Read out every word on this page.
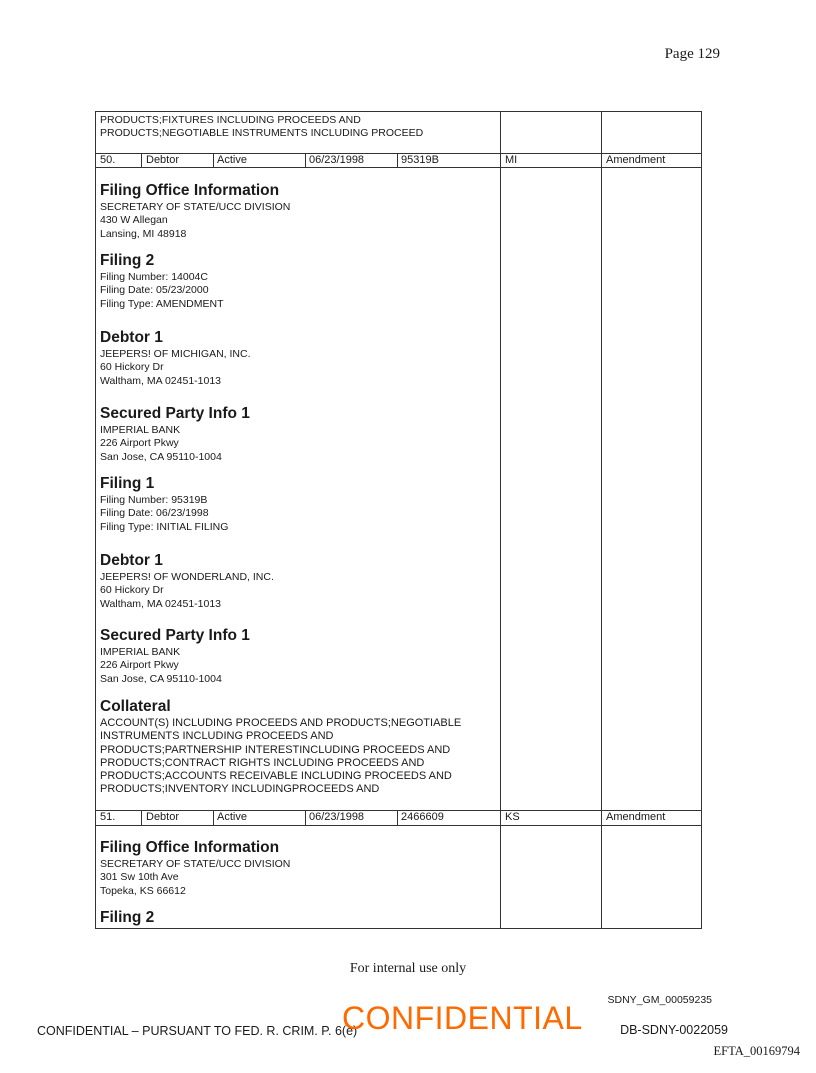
Page 129
PRODUCTS;FIXTURES INCLUDING PROCEEDS AND
PRODUCTS;NEGOTIABLE INSTRUMENTS INCLUDING PROCEED
50.	Debtor	Active	06/23/1998	95319B	MI	Amendment
Filing Office Information
SECRETARY OF STATE/UCC DIVISION
430 W Allegan
Lansing, MI 48918
Filing 2
Filing Number: 14004C
Filing Date: 05/23/2000
Filing Type: AMENDMENT
Debtor 1
JEEPERS! OF MICHIGAN, INC.
60 Hickory Dr
Waltham, MA 02451-1013
Secured Party Info 1
IMPERIAL BANK
226 Airport Pkwy
San Jose, CA 95110-1004
Filing 1
Filing Number: 95319B
Filing Date: 06/23/1998
Filing Type: INITIAL FILING
Debtor 1
JEEPERS! OF WONDERLAND, INC.
60 Hickory Dr
Waltham, MA 02451-1013
Secured Party Info 1
IMPERIAL BANK
226 Airport Pkwy
San Jose, CA 95110-1004
Collateral
ACCOUNT(S) INCLUDING PROCEEDS AND PRODUCTS;NEGOTIABLE
INSTRUMENTS INCLUDING PROCEEDS AND
PRODUCTS;PARTNERSHIP INTERESTINCLUDING PROCEEDS AND
PRODUCTS;CONTRACT RIGHTS INCLUDING PROCEEDS AND
PRODUCTS;ACCOUNTS RECEIVABLE INCLUDING PROCEEDS AND
PRODUCTS;INVENTORY INCLUDINGPROCEEDS AND
51.	Debtor	Active	06/23/1998	2466609	KS	Amendment
Filing Office Information
SECRETARY OF STATE/UCC DIVISION
301 Sw 10th Ave
Topeka, KS 66612
Filing 2
For internal use only
SDNY_GM_00059235
CONFIDENTIAL – PURSUANT TO FED. R. CRIM. P. 6(e)
CONFIDENTIAL	DB-SDNY-0022059
EFTA_00169794
